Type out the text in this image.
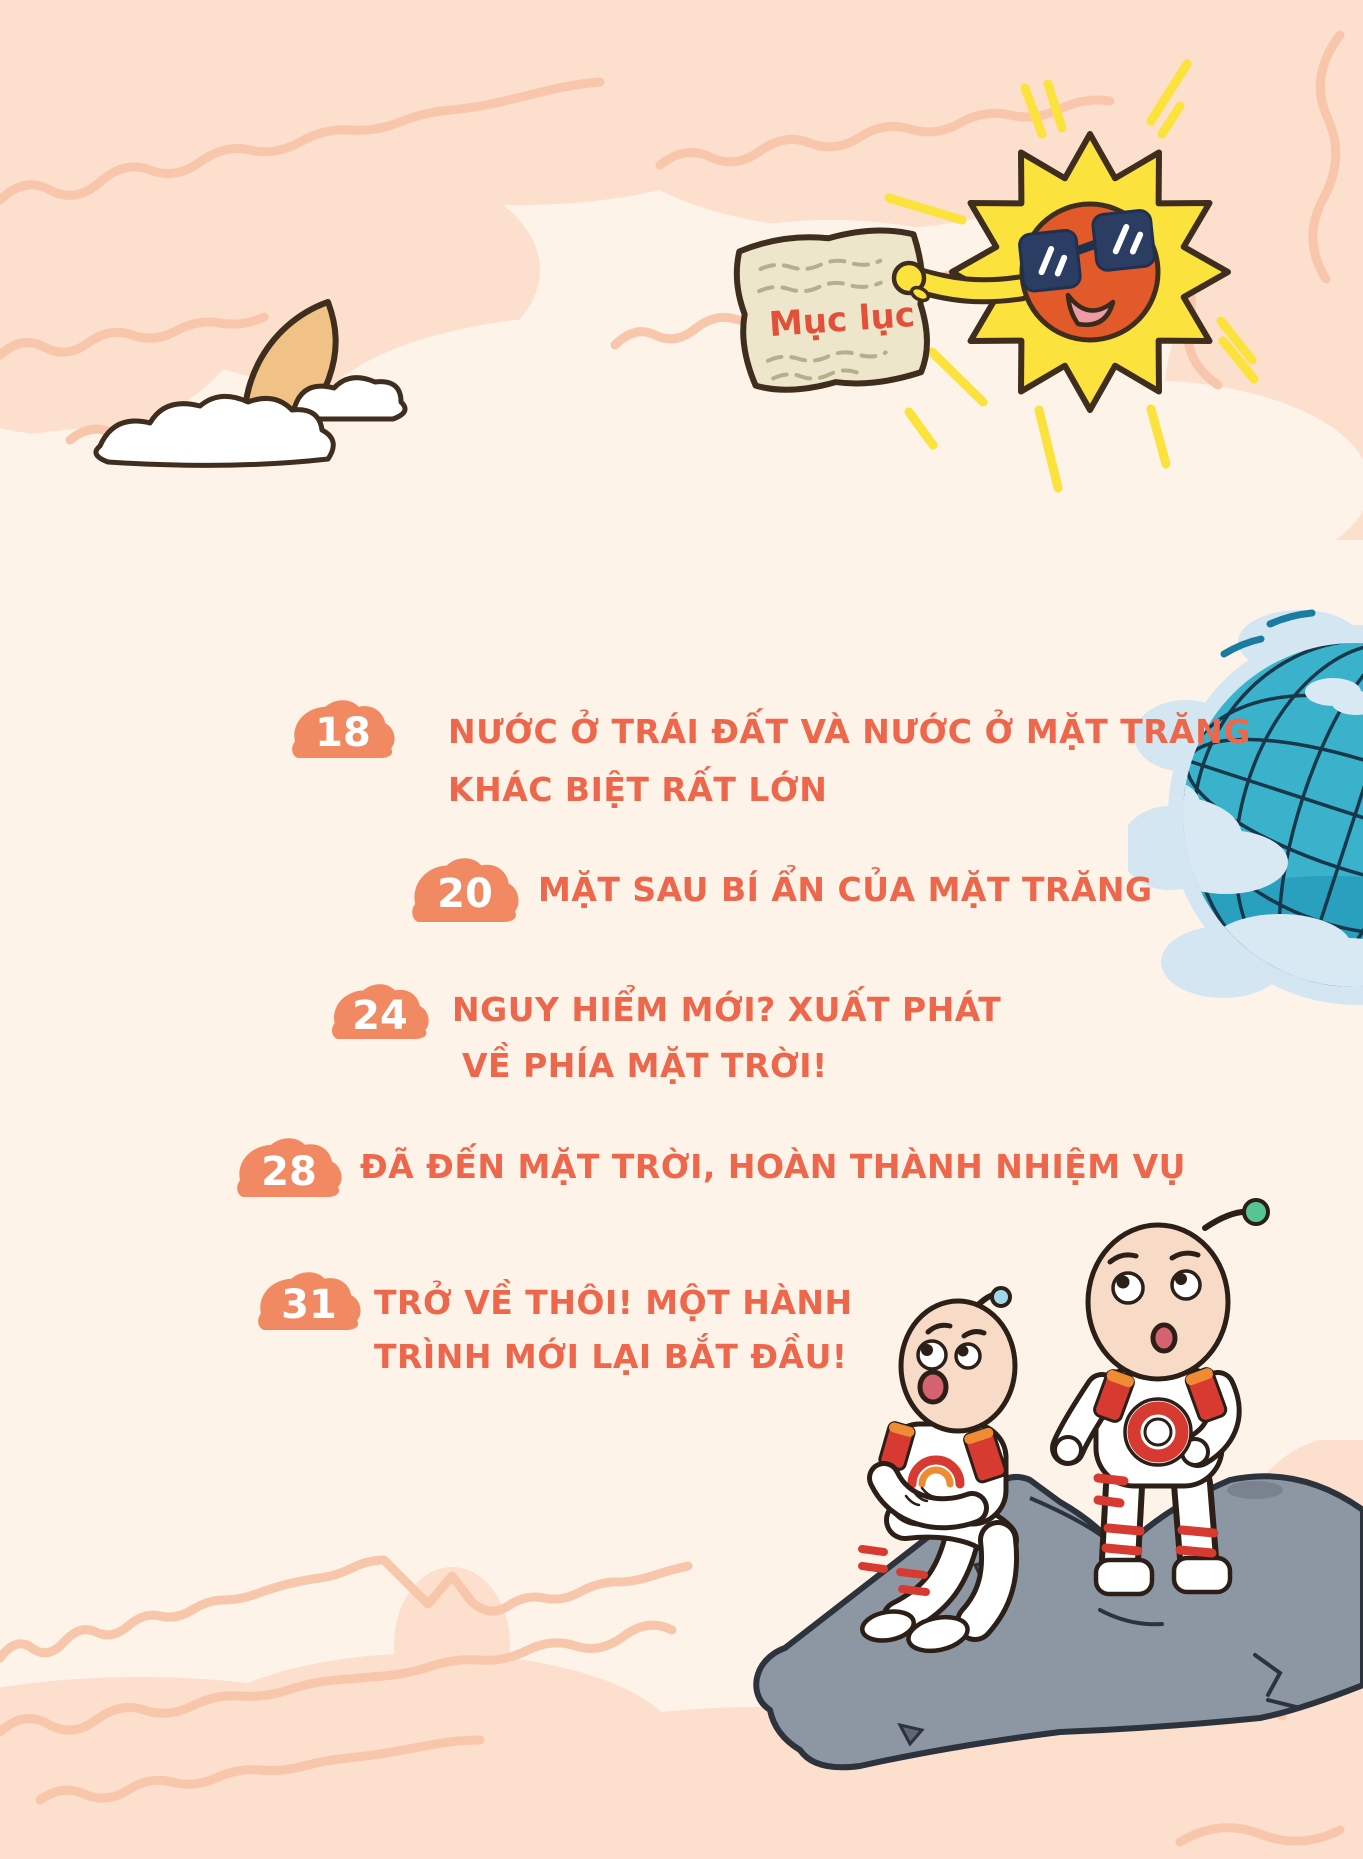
Mục lục
18	NƯỚC Ở TRÁI ĐẤT VÀ NƯỚC Ở MẶT TRĂNG
KHÁC BIỆT RẤT LỚN
20	MẶT SAU BÍ ẨN CỦA MẶT TRĂNG
24	NGUY HIỂM MỚI? XUẤT PHÁT
VỀ PHÍA MẶT TRỜI!
28	ĐÃ ĐẾN MẶT TRỜI, HOÀN THÀNH NHIỆM VỤ
31	TRỞ VỀ THÔI! MỘT HÀNH
TRÌNH MỚI LẠI BẮT ĐẦU!
